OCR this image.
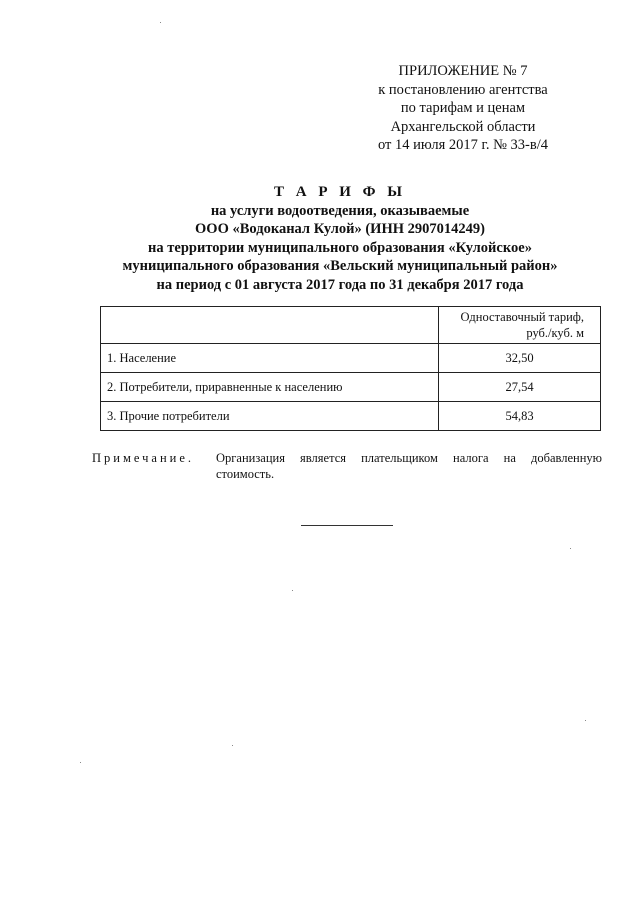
ПРИЛОЖЕНИЕ № 7
к постановлению агентства
по тарифам и ценам
Архангельской области
от 14 июля 2017 г. № 33-в/4
Т А Р И Ф Ы
на услуги водоотведения, оказываемые
ООО «Водоканал Кулой» (ИНН 2907014249)
на территории муниципального образования «Кулойское»
муниципального образования «Вельский муниципальный район»
на период с 01 августа 2017 года по 31 декабря 2017 года

	Одноставочный тариф,
руб./куб. м

1. Население	32,50
2. Потребители, приравненные к населению	27,54
3. Прочие потребители	54,83
Примечание. Организация является плательщиком налога на добавленную стоимость.
